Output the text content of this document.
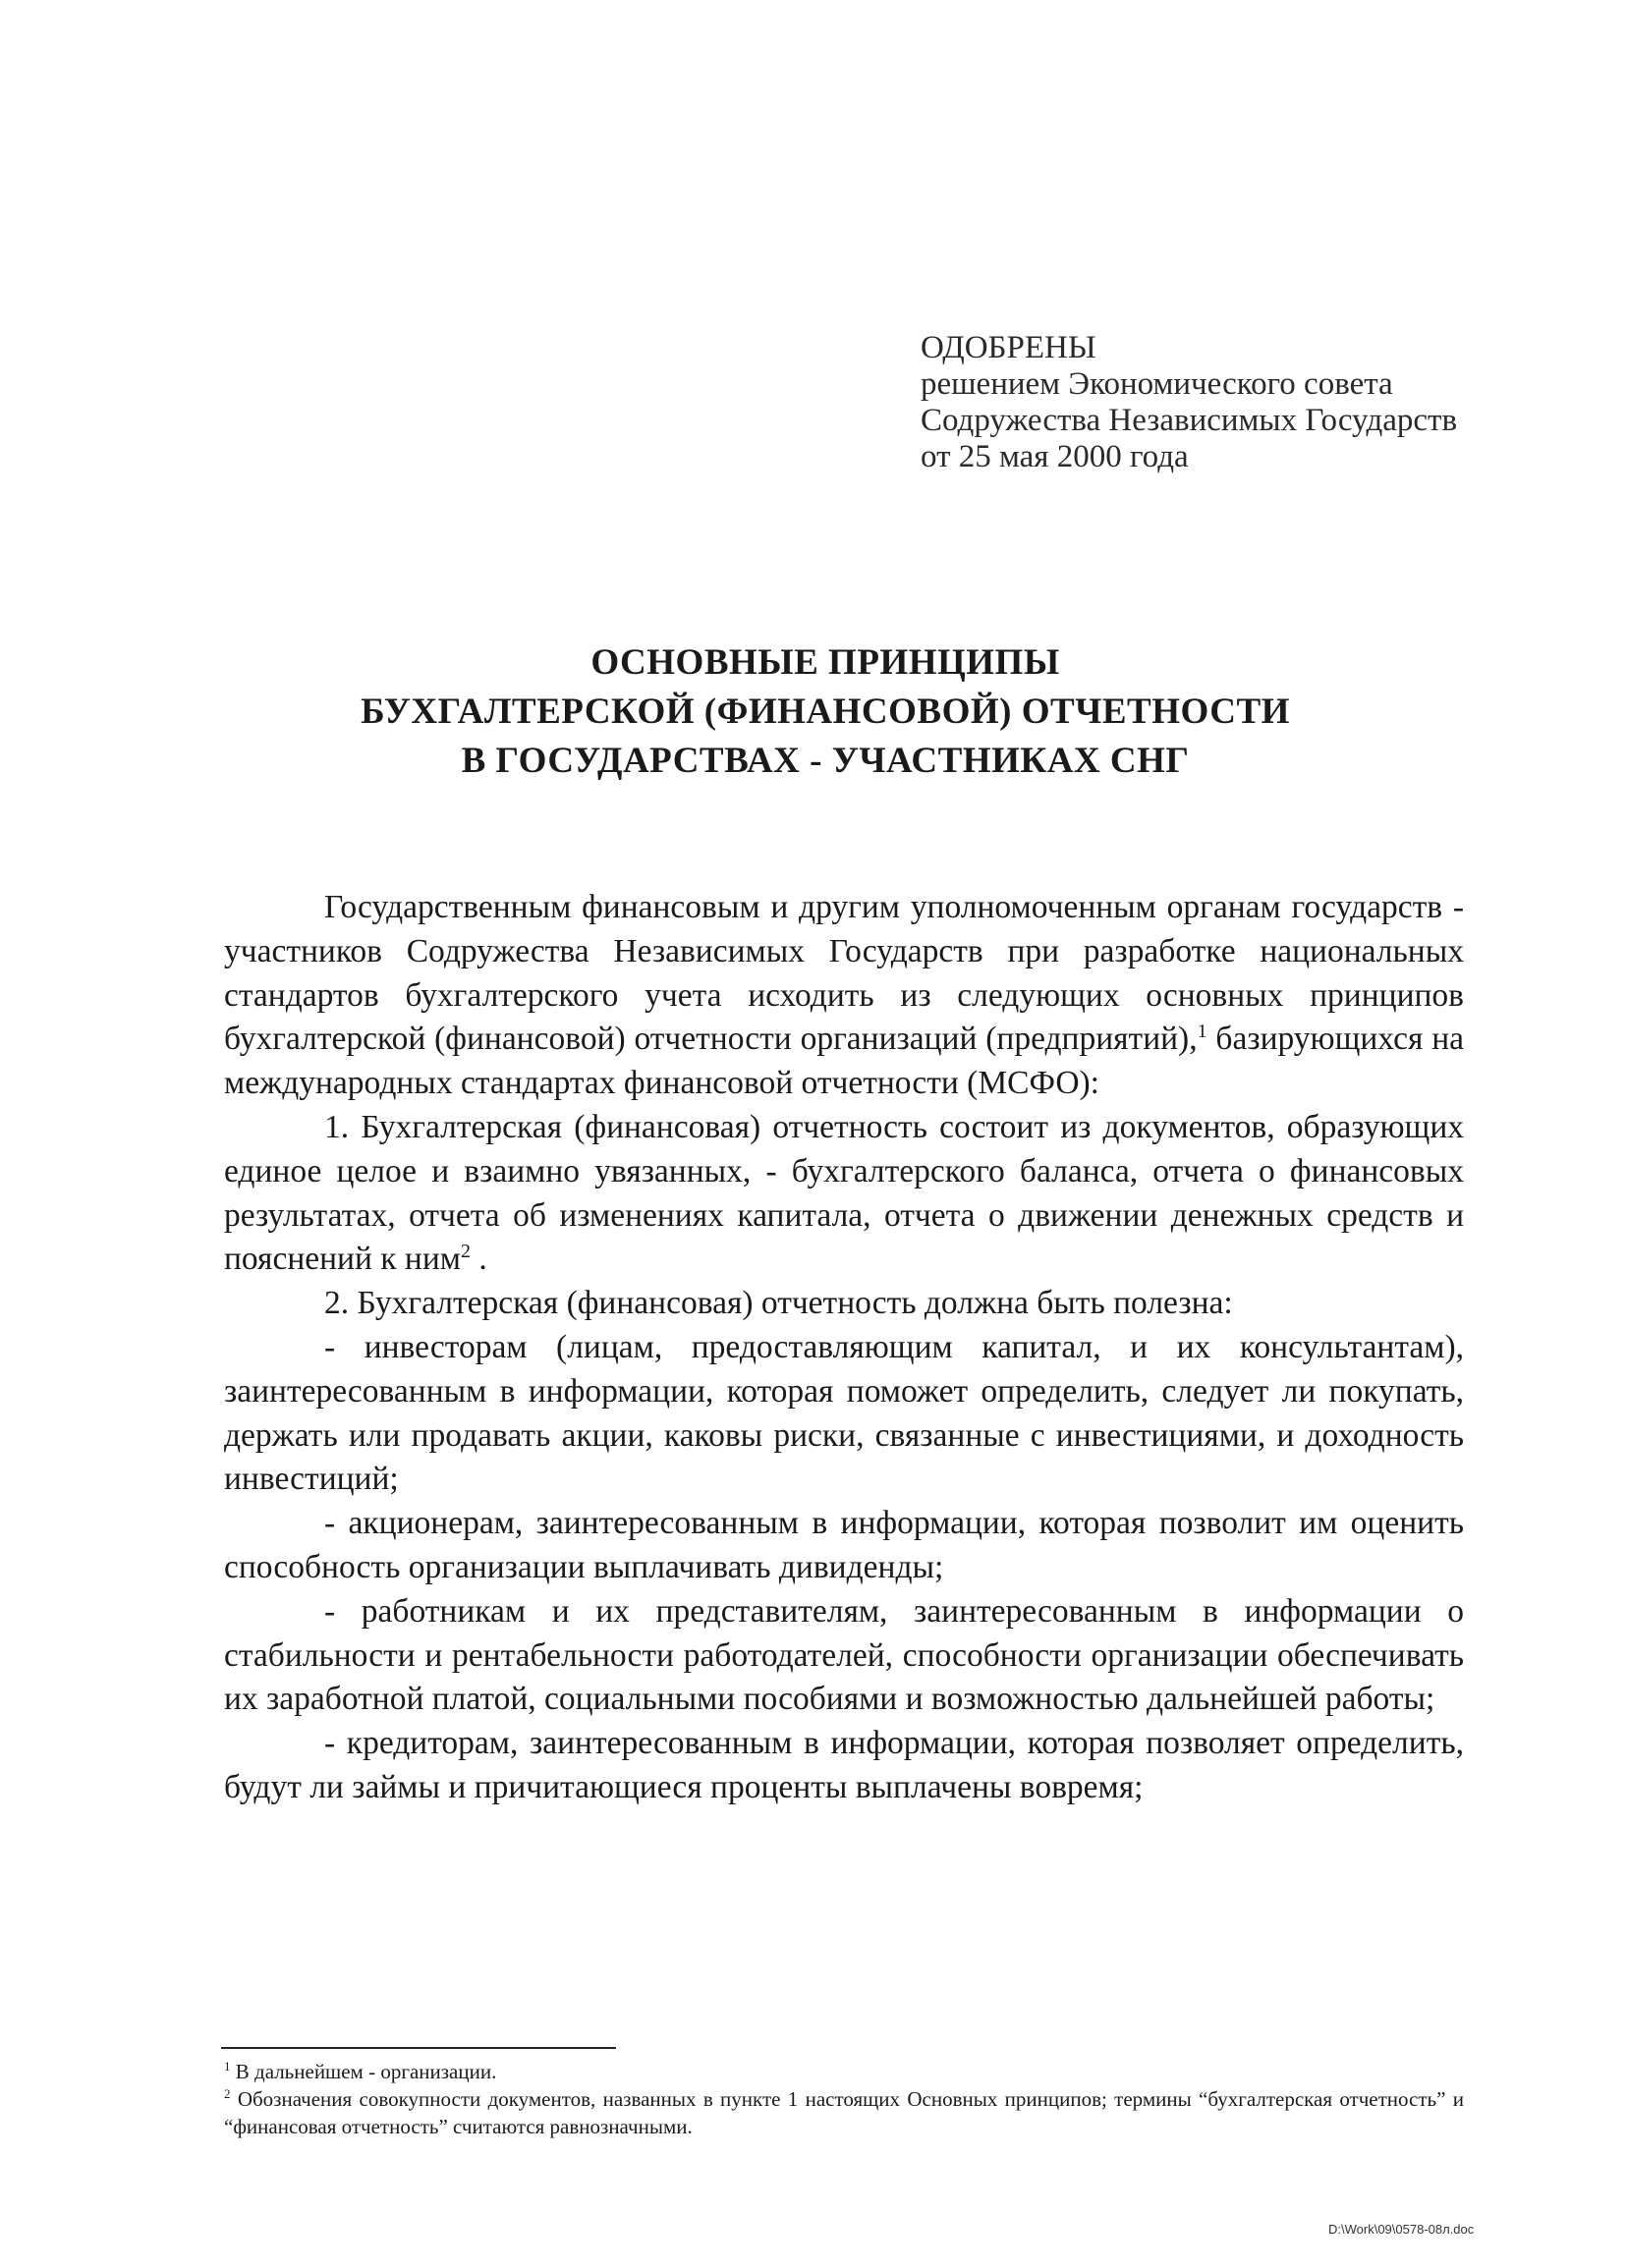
ОДОБРЕНЫ
решением Экономического совета
Содружества Независимых Государств
от 25 мая 2000 года
ОСНОВНЫЕ ПРИНЦИПЫ
БУХГАЛТЕРСКОЙ (ФИНАНСОВОЙ) ОТЧЕТНОСТИ
В ГОСУДАРСТВАХ - УЧАСТНИКАХ СНГ

Государственным финансовым и другим уполномоченным органам государств - участников Содружества Независимых Государств при разработке национальных стандартов бухгалтерского учета исходить из следующих основных принципов бухгалтерской (финансовой) отчетности организаций (предприятий),$^1$ базирующихся на международных стандартах финансовой отчетности (МСФО):

1. Бухгалтерская (финансовая) отчетность состоит из документов, образующих единое целое и взаимно увязанных, - бухгалтерского баланса, отчета о финансовых результатах, отчета об изменениях капитала, отчета о движении денежных средств и пояснений к ним$^2$ .

2. Бухгалтерская (финансовая) отчетность должна быть полезна:

- инвесторам (лицам, предоставляющим капитал, и их консультантам), заинтересованным в информации, которая поможет определить, следует ли покупать, держать или продавать акции, каковы риски, связанные с инвестициями, и доходность инвестиций;

- акционерам, заинтересованным в информации, которая позволит им оценить способность организации выплачивать дивиденды;

- работникам и их представителям, заинтересованным в информации о стабильности и рентабельности работодателей, способности организации обеспечивать их заработной платой, социальными пособиями и возможностью дальнейшей работы;

- кредиторам, заинтересованным в информации, которая позволяет определить, будут ли займы и причитающиеся проценты выплачены вовремя;

$^1$ В дальнейшем - организации.

$^2$ Обозначения совокупности документов, названных в пункте 1 настоящих Основных принципов; термины “бухгалтерская отчетность” и “финансовая отчетность” считаются равнозначными.

D:\Work\09\0578-08л.doc
